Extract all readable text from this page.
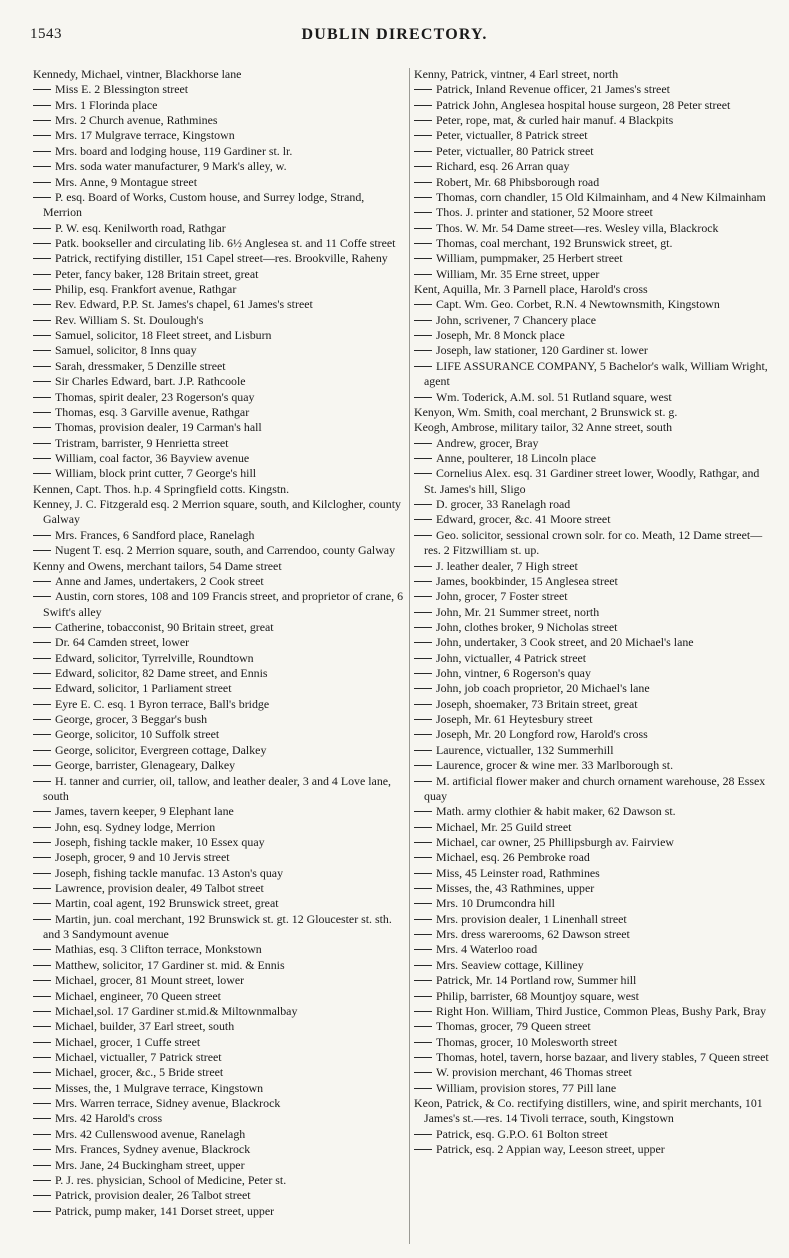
1543	DUBLIN DIRECTORY.
Kennedy, Michael, vintner, Blackhorse lane
Miss E. 2 Blessington street
Mrs. 1 Florinda place
Mrs. 2 Church avenue, Rathmines
Mrs. 17 Mulgrave terrace, Kingstown
Mrs. board and lodging house, 119 Gardiner st. lr.
Mrs. soda water manufacturer, 9 Mark's alley, w.
Mrs. Anne, 9 Montague street
P. esq. Board of Works, Custom house, and Surrey lodge, Strand, Merrion
P. W. esq. Kenilworth road, Rathgar
Patk. bookseller and circulating lib. 6½ Anglesea st. and 11 Coffe street
Patrick, rectifying distiller, 151 Capel street—res. Brookville, Raheny
Peter, fancy baker, 128 Britain street, great
Philip, esq. Frankfort avenue, Rathgar
Rev. Edward, P.P. St. James's chapel, 61 James's street
Rev. William S. St. Doulough's
Samuel, solicitor, 18 Fleet street, and Lisburn
Samuel, solicitor, 8 Inns quay
Sarah, dressmaker, 5 Denzille street
Sir Charles Edward, bart. J.P. Rathcoole
Thomas, spirit dealer, 23 Rogerson's quay
Thomas, esq. 3 Garville avenue, Rathgar
Thomas, provision dealer, 19 Carman's hall
Tristram, barrister, 9 Henrietta street
William, coal factor, 36 Bayview avenue
William, block print cutter, 7 George's hill
Kennen, Capt. Thos. h.p. 4 Springfield cotts. Kingstn.
Kenney, J. C. Fitzgerald esq. 2 Merrion square, south, and Kilclogher, county Galway
Mrs. Frances, 6 Sandford place, Ranelagh
Nugent T. esq. 2 Merrion square, south, and Carrendoo, county Galway
Kenny and Owens, merchant tailors, 54 Dame street
Anne and James, undertakers, 2 Cook street
Austin, corn stores, 108 and 109 Francis street, and proprietor of crane, 6 Swift's alley
Catherine, tobacconist, 90 Britain street, great
Dr. 64 Camden street, lower
Edward, solicitor, Tyrrelville, Roundtown
Edward, solicitor, 82 Dame street, and Ennis
Edward, solicitor, 1 Parliament street
Eyre E. C. esq. 1 Byron terrace, Ball's bridge
George, grocer, 3 Beggar's bush
George, solicitor, 10 Suffolk street
George, solicitor, Evergreen cottage, Dalkey
George, barrister, Glenageary, Dalkey
H. tanner and currier, oil, tallow, and leather dealer, 3 and 4 Love lane, south
James, tavern keeper, 9 Elephant lane
John, esq. Sydney lodge, Merrion
Joseph, fishing tackle maker, 10 Essex quay
Joseph, grocer, 9 and 10 Jervis street
Joseph, fishing tackle manufac. 13 Aston's quay
Lawrence, provision dealer, 49 Talbot street
Martin, coal agent, 192 Brunswick street, great
Martin, jun. coal merchant, 192 Brunswick st. gt. 12 Gloucester st. sth. and 3 Sandymount avenue
Mathias, esq. 3 Clifton terrace, Monkstown
Matthew, solicitor, 17 Gardiner st. mid. & Ennis
Michael, grocer, 81 Mount street, lower
Michael, engineer, 70 Queen street
Michael,sol. 17 Gardiner st.mid.& Miltownmalbay
Michael, builder, 37 Earl street, south
Michael, grocer, 1 Cuffe street
Michael, victualler, 7 Patrick street
Michael, grocer, &c., 5 Bride street
Misses, the, 1 Mulgrave terrace, Kingstown
Mrs. Warren terrace, Sidney avenue, Blackrock
Mrs. 42 Harold's cross
Mrs. 42 Cullenswood avenue, Ranelagh
Mrs. Frances, Sydney avenue, Blackrock
Mrs. Jane, 24 Buckingham street, upper
P. J. res. physician, School of Medicine, Peter st.
Patrick, provision dealer, 26 Talbot street
Patrick, pump maker, 141 Dorset street, upper
Kenny, Patrick, vintner, 4 Earl street, north
Patrick, Inland Revenue officer, 21 James's street
Patrick John, Anglesea hospital house surgeon, 28 Peter street
Peter, rope, mat, & curled hair manuf. 4 Blackpits
Peter, victualler, 8 Patrick street
Peter, victualler, 80 Patrick street
Richard, esq. 26 Arran quay
Robert, Mr. 68 Phibsborough road
Thomas, corn chandler, 15 Old Kilmainham, and 4 New Kilmainham
Thos. J. printer and stationer, 52 Moore street
Thos. W. Mr. 54 Dame street—res. Wesley villa, Blackrock
Thomas, coal merchant, 192 Brunswick street, gt.
William, pumpmaker, 25 Herbert street
William, Mr. 35 Erne street, upper
Kent, Aquilla, Mr. 3 Parnell place, Harold's cross
Capt. Wm. Geo. Corbet, R.N. 4 Newtownsmith, Kingstown
John, scrivener, 7 Chancery place
Joseph, Mr. 8 Monck place
Joseph, law stationer, 120 Gardiner st. lower
LIFE ASSURANCE COMPANY, 5 Bachelor's walk, William Wright, agent
Wm. Toderick, A.M. sol. 51 Rutland square, west
Kenyon, Wm. Smith, coal merchant, 2 Brunswick st. g.
Keogh, Ambrose, military tailor, 32 Anne street, south
Andrew, grocer, Bray
Anne, poulterer, 18 Lincoln place
Cornelius Alex. esq. 31 Gardiner street lower, Woodly, Rathgar, and St. James's hill, Sligo
D. grocer, 33 Ranelagh road
Edward, grocer, &c. 41 Moore street
Geo. solicitor, sessional crown solr. for co. Meath, 12 Dame street—res. 2 Fitzwilliam st. up.
J. leather dealer, 7 High street
James, bookbinder, 15 Anglesea street
John, grocer, 7 Foster street
John, Mr. 21 Summer street, north
John, clothes broker, 9 Nicholas street
John, undertaker, 3 Cook street, and 20 Michael's lane
John, victualler, 4 Patrick street
John, vintner, 6 Rogerson's quay
John, job coach proprietor, 20 Michael's lane
Joseph, shoemaker, 73 Britain street, great
Joseph, Mr. 61 Heytesbury street
Joseph, Mr. 20 Longford row, Harold's cross
Laurence, victualler, 132 Summerhill
Laurence, grocer & wine mer. 33 Marlborough st.
M. artificial flower maker and church ornament warehouse, 28 Essex quay
Math. army clothier & habit maker, 62 Dawson st.
Michael, Mr. 25 Guild street
Michael, car owner, 25 Phillipsburgh av. Fairview
Michael, esq. 26 Pembroke road
Miss, 45 Leinster road, Rathmines
Misses, the, 43 Rathmines, upper
Mrs. 10 Drumcondra hill
Mrs. provision dealer, 1 Linenhall street
Mrs. dress warerooms, 62 Dawson street
Mrs. 4 Waterloo road
Mrs. Seaview cottage, Killiney
Patrick, Mr. 14 Portland row, Summer hill
Philip, barrister, 68 Mountjoy square, west
Right Hon. William, Third Justice, Common Pleas, Bushy Park, Bray
Thomas, grocer, 79 Queen street
Thomas, grocer, 10 Molesworth street
Thomas, hotel, tavern, horse bazaar, and livery stables, 7 Queen street
W. provision merchant, 46 Thomas street
William, provision stores, 77 Pill lane
Keon, Patrick, & Co. rectifying distillers, wine, and spirit merchants, 101 James's st.—res. 14 Tivoli terrace, south, Kingstown
Patrick, esq. G.P.O. 61 Bolton street
Patrick, esq. 2 Appian way, Leeson street, upper
